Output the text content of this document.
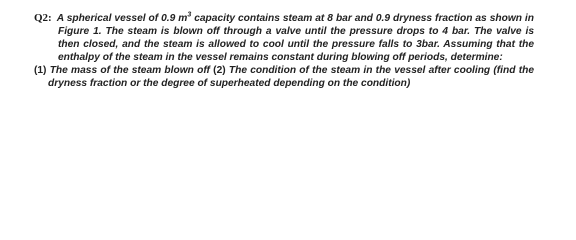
Q2: A spherical vessel of 0.9 $m^3$ capacity contains steam at 8 bar and 0.9 dryness fraction as shown in Figure 1. The steam is blown off through a valve until the pressure drops to 4 bar. The valve is then closed, and the steam is allowed to cool until the pressure falls to 3bar. Assuming that the enthalpy of the steam in the vessel remains constant during blowing off periods, determine:
(1) The mass of the steam blown off (2) The condition of the steam in the vessel after cooling (find the dryness fraction or the degree of superheated depending on the condition)
